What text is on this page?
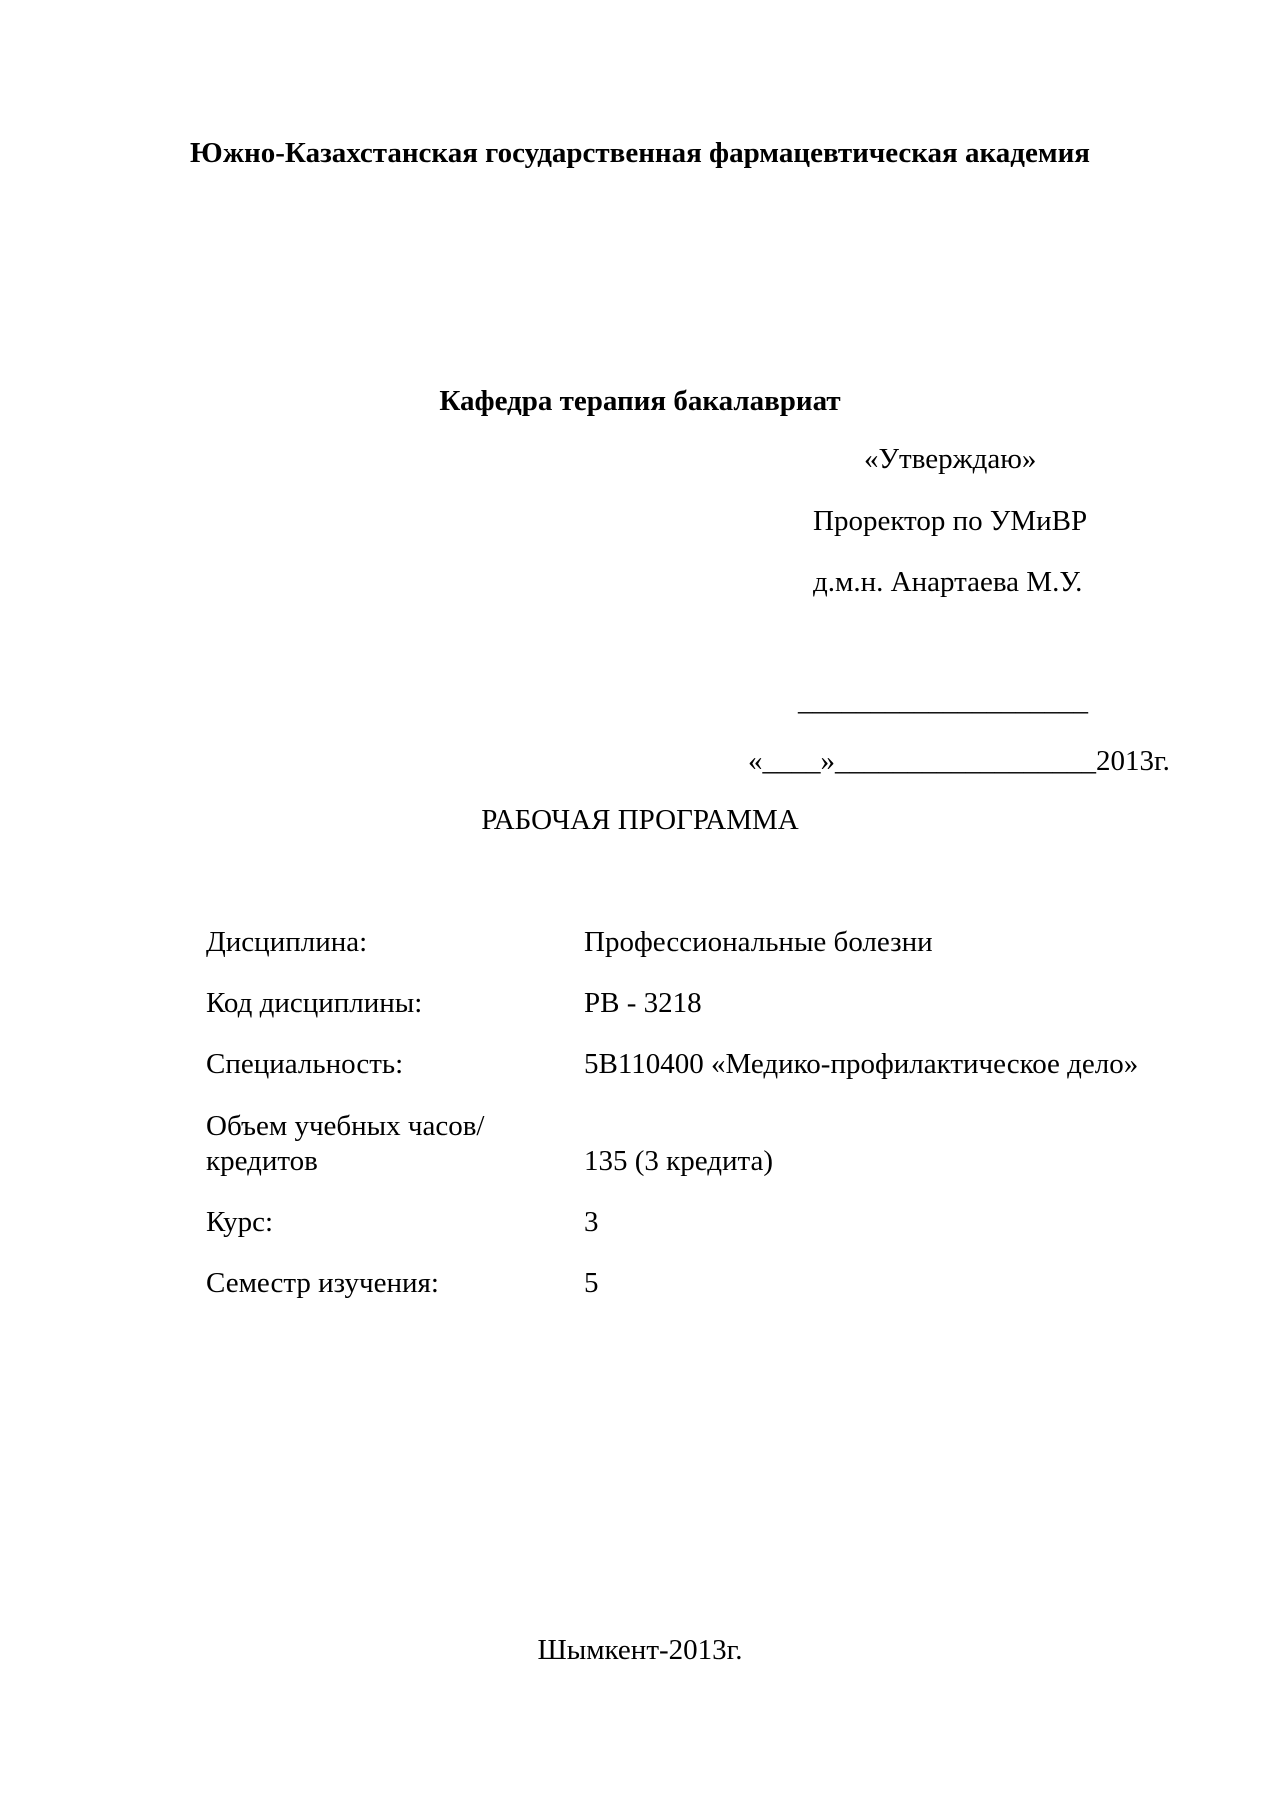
Южно-Казахстанская государственная фармацевтическая академия
Кафедра терапия бакалавриат
«Утверждаю»
Проректор по УМиВР
д.м.н. Анартаева М.У.
____________________
«____»__________________2013г.
РАБОЧАЯ ПРОГРАММА
Дисциплина:	Профессиональные болезни
Код дисциплины:	PB - 3218
Специальность:	5В110400 «Медико-профилактическое дело»
Объем учебных часов/
кредитов	135 (3 кредита)
Курс:	3
Семестр изучения:	5
Шымкент-2013г.
